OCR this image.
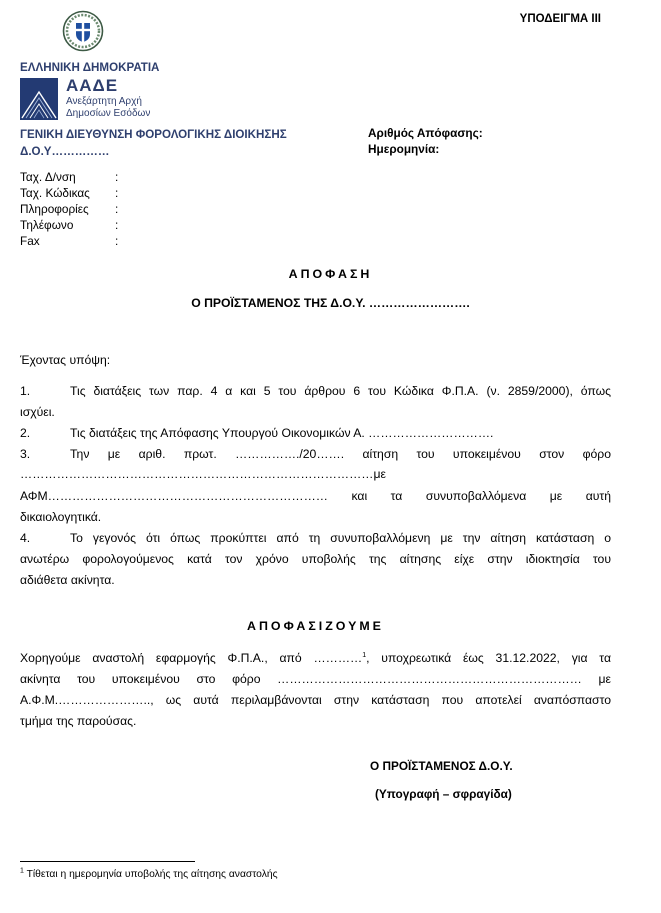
ΥΠΟΔΕΙΓΜΑ III
ΕΛΛΗΝΙΚΗ ΔΗΜΟΚΡΑΤΙΑ
ΑΑΔΕ
Ανεξάρτητη Αρχή
Δημοσίων Εσόδων
ΓΕΝΙΚΗ ΔΙΕΥΘΥΝΣΗ ΦΟΡΟΛΟΓΙΚΗΣ ΔΙΟΙΚΗΣΗΣ
Δ.Ο.Υ……………
Αριθμός Απόφασης:
Ημερομηνία:
Ταχ. Δ/νση	:
Ταχ. Κώδικας :
Πληροφορίες :
Τηλέφωνο	:
Fax	:
ΑΠΟΦΑΣΗ
Ο ΠΡΟΪΣΤΑΜΕΝΟΣ ΤΗΣ Δ.Ο.Υ. …………………….
Έχοντας υπόψη:
1.	Τις διατάξεις των παρ. 4 α και 5 του άρθρου 6 του Κώδικα Φ.Π.Α. (ν. 2859/2000), όπως
ισχύει.
2.	Τις διατάξεις της Απόφασης Υπουργού Οικονομικών Α. ………………………….
3.	Την με αριθ. πρωτ. ……………./20……. αίτηση του υποκειμένου στον φόρο
……………………………………………………………………………με
ΑΦΜ…………………………………………………………… και τα συνυποβαλλόμενα με αυτή
δικαιολογητικά.
4.	Το γεγονός ότι όπως προκύπτει από τη συνυποβαλλόμενη με την αίτηση κατάσταση ο
ανωτέρω φορολογούμενος κατά τον χρόνο υποβολής της αίτησης είχε στην ιδιοκτησία του
αδιάθετα ακίνητα.
ΑΠΟΦΑΣΙΖΟΥΜΕ
Χορηγούμε αναστολή εφαρμογής Φ.Π.Α., από …………$^1$, υποχρεωτικά έως 31.12.2022, για τα
ακίνητα του υποκειμένου στο φόρο ………………………………………………………………… με
Α.Φ.Μ.………………….., ως αυτά περιλαμβάνονται στην κατάσταση που αποτελεί αναπόσπαστο
τμήμα της παρούσας.
Ο ΠΡΟΪΣΤΑΜΕΝΟΣ Δ.Ο.Υ.
(Υπογραφή – σφραγίδα)
$^1$ Τίθεται η ημερομηνία υποβολής της αίτησης αναστολής
